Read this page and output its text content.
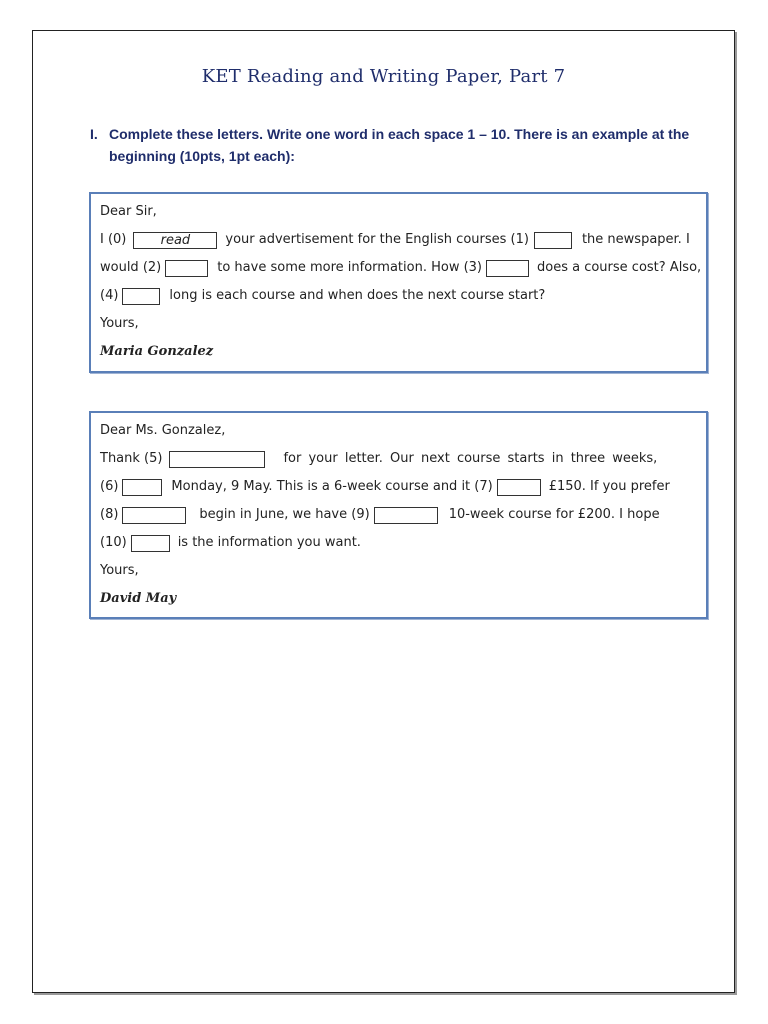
KET Reading and Writing Paper, Part 7
I. Complete these letters. Write one word in each space 1 – 10. There is an example at the beginning (10pts, 1pt each):
Dear Sir,
I (0)	read	your advertisement for the English courses (1)	the newspaper. I
would (2)	to have some more information. How (3)	does a course cost? Also,
(4)	long is each course and when does the next course start?
Yours,
Maria Gonzalez
Dear Ms. Gonzalez,
Thank (5)	for your letter. Our next course starts in three weeks,
(6)	Monday, 9 May. This is a 6-week course and it (7)	£150. If you prefer
(8)	begin in June, we have (9)	10-week course for £200. I hope
(10)	is the information you want.
Yours,
David May
